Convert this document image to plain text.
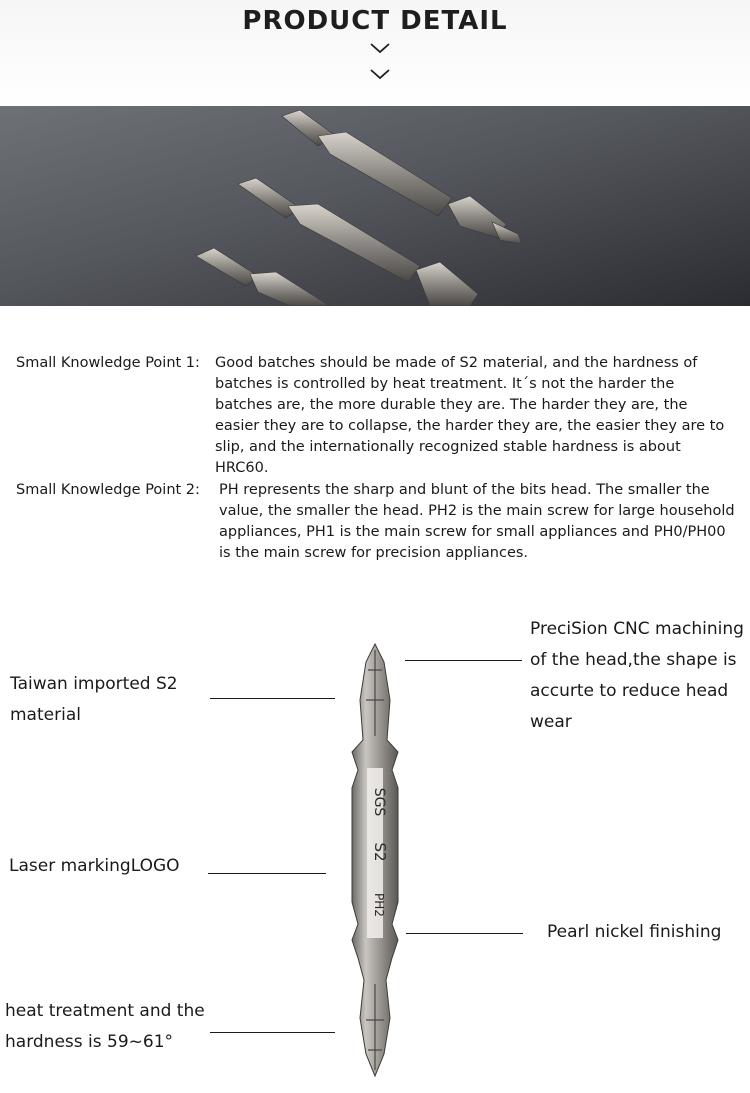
PRODUCT DETAIL
Small Knowledge Point 1: Good batches should be made of S2 material, and the hardness of batches is controlled by heat treatment. It´s not the harder the batches are, the more durable they are. The harder they are, the easier they are to collapse, the harder they are, the easier they are to slip, and the internationally recognized stable hardness is about HRC60.
Small Knowledge Point 2: PH represents the sharp and blunt of the bits head. The smaller the value, the smaller the head. PH2 is the main screw for large household appliances, PH1 is the main screw for small appliances and PH0/PH00 is the main screw for precision appliances.
SGS
S2
PH2
PreciSion CNC machining of the head,the shape is accurte to reduce head wear
Taiwan imported S2 material
Laser markingLOGO
Pearl nickel finishing
heat treatment and the hardness is 59~61°
